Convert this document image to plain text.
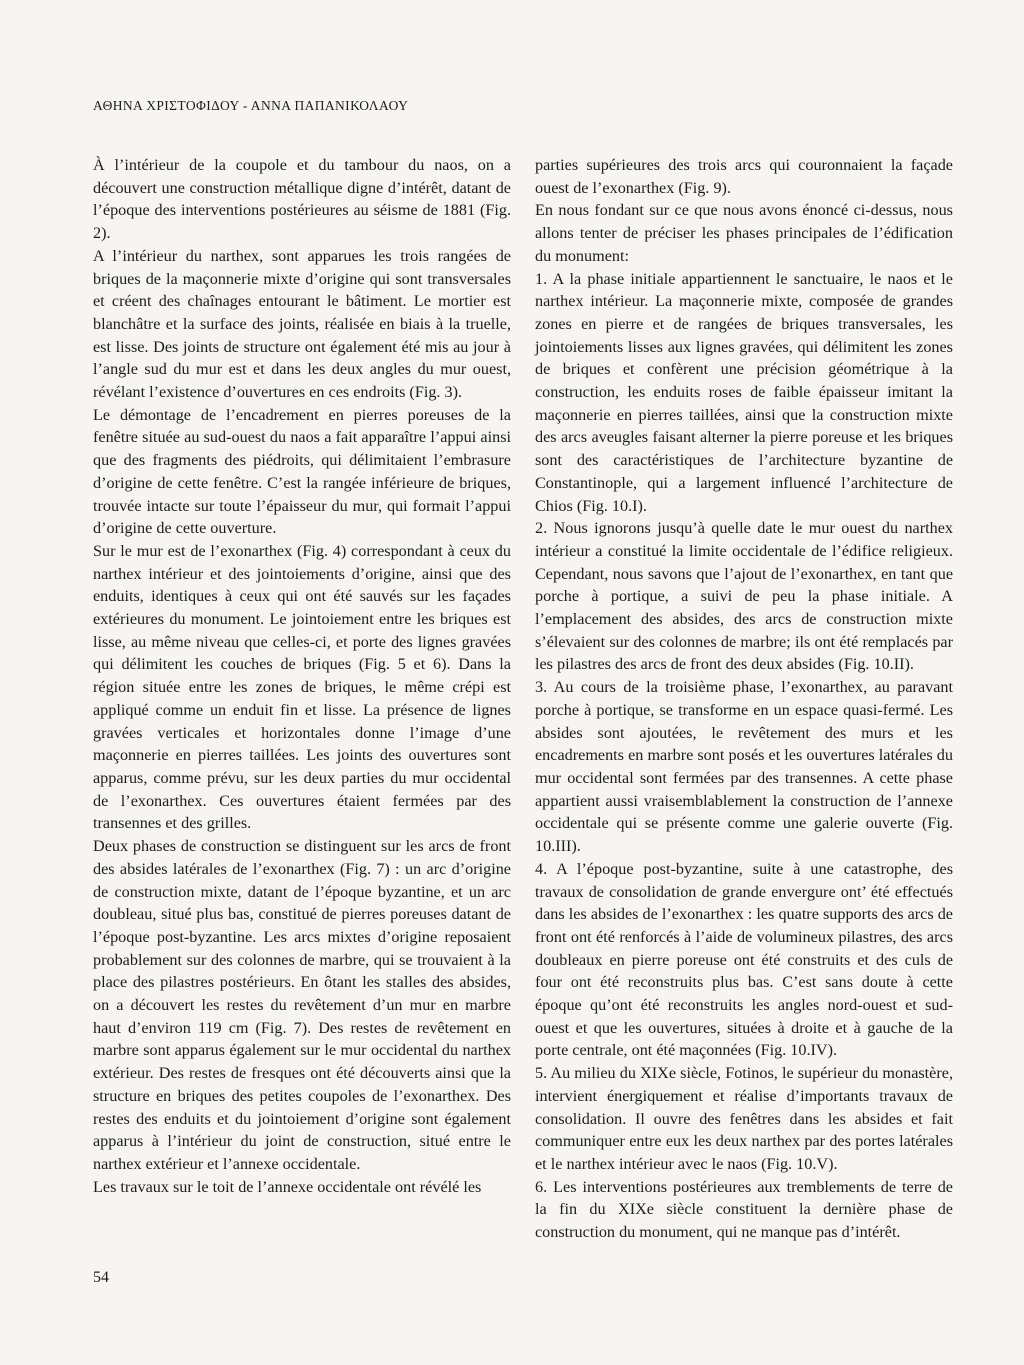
ΑΘΗΝΑ ΧΡΙΣΤΟΦΙΔΟΥ - ΑΝΝΑ ΠΑΠΑΝΙΚΟΛΑΟΥ

À l’intérieur de la coupole et du tambour du naos, on a découvert une construction métallique digne d’intérêt, datant de l’époque des interventions postérieures au séisme de 1881 (Fig. 2).

A l’intérieur du narthex, sont apparues les trois rangées de briques de la maçonnerie mixte d’origine qui sont transversales et créent des chaînages entourant le bâtiment. Le mortier est blanchâtre et la surface des joints, réalisée en biais à la truelle, est lisse. Des joints de structure ont également été mis au jour à l’angle sud du mur est et dans les deux angles du mur ouest, révélant l’existence d’ouvertures en ces endroits (Fig. 3).

Le démontage de l’encadrement en pierres poreuses de la fenêtre située au sud-ouest du naos a fait apparaître l’appui ainsi que des fragments des piédroits, qui délimitaient l’embrasure d’origine de cette fenêtre. C’est la rangée inférieure de briques, trouvée intacte sur toute l’épaisseur du mur, qui formait l’appui d’origine de cette ouverture.

Sur le mur est de l’exonarthex (Fig. 4) correspondant à ceux du narthex intérieur et des jointoiements d’origine, ainsi que des enduits, identiques à ceux qui ont été sauvés sur les façades extérieures du monument. Le jointoiement entre les briques est lisse, au même niveau que celles-ci, et porte des lignes gravées qui délimitent les couches de briques (Fig. 5 et 6). Dans la région située entre les zones de briques, le même crépi est appliqué comme un enduit fin et lisse. La présence de lignes gravées verticales et horizontales donne l’image d’une maçonnerie en pierres taillées. Les joints des ouvertures sont apparus, comme prévu, sur les deux parties du mur occidental de l’exonarthex. Ces ouvertures étaient fermées par des transennes et des grilles.

Deux phases de construction se distinguent sur les arcs de front des absides latérales de l’exonarthex (Fig. 7) : un arc d’origine de construction mixte, datant de l’époque byzantine, et un arc doubleau, situé plus bas, constitué de pierres poreuses datant de l’époque post-byzantine. Les arcs mixtes d’origine reposaient probablement sur des colonnes de marbre, qui se trouvaient à la place des pilastres postérieurs. En ôtant les stalles des absides, on a découvert les restes du revêtement d’un mur en marbre haut d’environ 119 cm (Fig. 7). Des restes de revêtement en marbre sont apparus également sur le mur occidental du narthex extérieur. Des restes de fresques ont été découverts ainsi que la structure en briques des petites coupoles de l’exonarthex. Des restes des enduits et du jointoiement d’origine sont également apparus à l’intérieur du joint de construction, situé entre le narthex extérieur et l’annexe occidentale.

Les travaux sur le toit de l’annexe occidentale ont révélé les

parties supérieures des trois arcs qui couronnaient la façade ouest de l’exonarthex (Fig. 9).

En nous fondant sur ce que nous avons énoncé ci-dessus, nous allons tenter de préciser les phases principales de l’édification du monument:

1. A la phase initiale appartiennent le sanctuaire, le naos et le narthex intérieur. La maçonnerie mixte, composée de grandes zones en pierre et de rangées de briques transversales, les jointoiements lisses aux lignes gravées, qui délimitent les zones de briques et confèrent une précision géométrique à la construction, les enduits roses de faible épaisseur imitant la maçonnerie en pierres taillées, ainsi que la construction mixte des arcs aveugles faisant alterner la pierre poreuse et les briques sont des caractéristiques de l’architecture byzantine de Constantinople, qui a largement influencé l’architecture de Chios (Fig. 10.I).

2. Nous ignorons jusqu’à quelle date le mur ouest du narthex intérieur a constitué la limite occidentale de l’édifice religieux. Cependant, nous savons que l’ajout de l’exonarthex, en tant que porche à portique, a suivi de peu la phase initiale. A l’emplacement des absides, des arcs de construction mixte s’élevaient sur des colonnes de marbre; ils ont été remplacés par les pilastres des arcs de front des deux absides (Fig. 10.II).

3. Au cours de la troisième phase, l’exonarthex, au paravant porche à portique, se transforme en un espace quasi-fermé. Les absides sont ajoutées, le revêtement des murs et les encadrements en marbre sont posés et les ouvertures latérales du mur occidental sont fermées par des transennes. A cette phase appartient aussi vraisemblablement la construction de l’annexe occidentale qui se présente comme une galerie ouverte (Fig. 10.III).

4. A l’époque post-byzantine, suite à une catastrophe, des travaux de consolidation de grande envergure ont’ été effectués dans les absides de l’exonarthex : les quatre supports des arcs de front ont été renforcés à l’aide de volumineux pilastres, des arcs doubleaux en pierre poreuse ont été construits et des culs de four ont été reconstruits plus bas. C’est sans doute à cette époque qu’ont été reconstruits les angles nord-ouest et sud-ouest et que les ouvertures, situées à droite et à gauche de la porte centrale, ont été maçonnées (Fig. 10.IV).

5. Au milieu du XIXe siècle, Fotinos, le supérieur du monastère, intervient énergiquement et réalise d’importants travaux de consolidation. Il ouvre des fenêtres dans les absides et fait communiquer entre eux les deux narthex par des portes latérales et le narthex intérieur avec le naos (Fig. 10.V).

6. Les interventions postérieures aux tremblements de terre de la fin du XIXe siècle constituent la dernière phase de construction du monument, qui ne manque pas d’intérêt.

54
